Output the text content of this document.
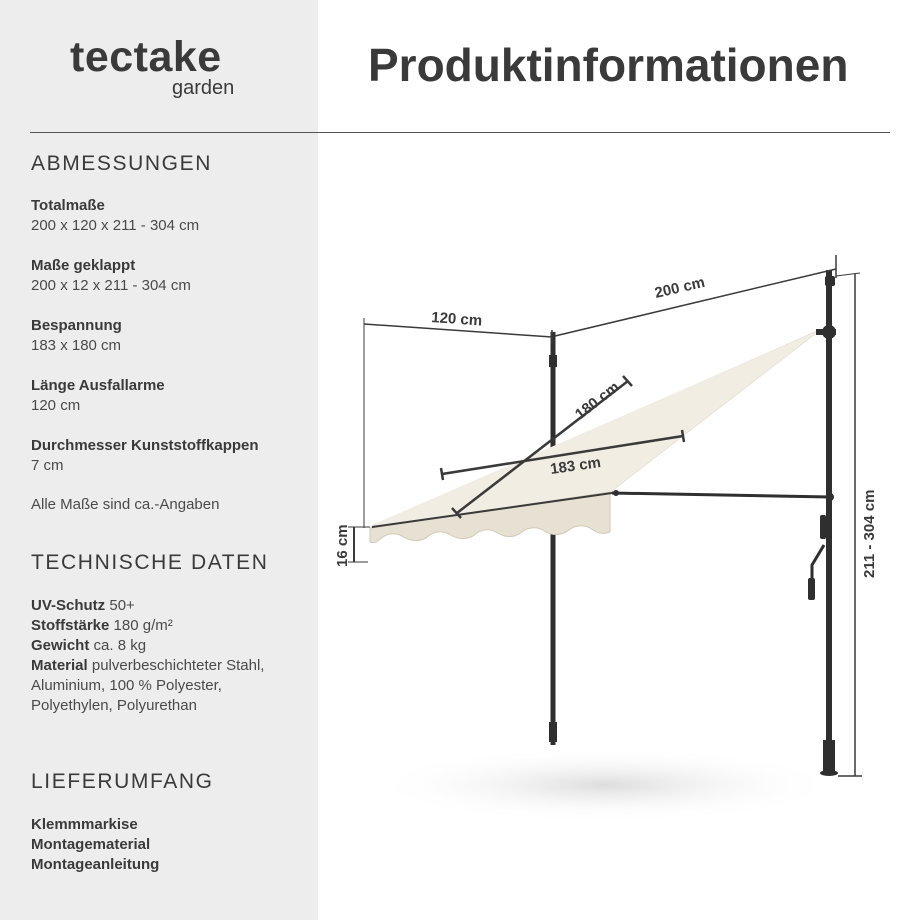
tectake
garden	Produktinformationen
ABMESSUNGEN
Totalmaße
200 x 120 x 211 - 304 cm
Maße geklappt
200 x 12 x 211 - 304 cm
Bespannung
183 x 180 cm
Länge Ausfallarme
120 cm
Durchmesser Kunststoffkappen
7 cm
Alle Maße sind ca.-Angaben
TECHNISCHE DATEN
UV-Schutz 50+
Stoffstärke 180 g/m²
Gewicht ca. 8 kg
Material pulverbeschichteter Stahl, Aluminium, 100 % Polyester, Polyethylen, Polyurethan
LIEFERUMFANG
Klemmmarkise
Montagematerial
Montageanleitung
180 cm
183 cm
120 cm
200 cm
16 cm	211 - 304 cm
